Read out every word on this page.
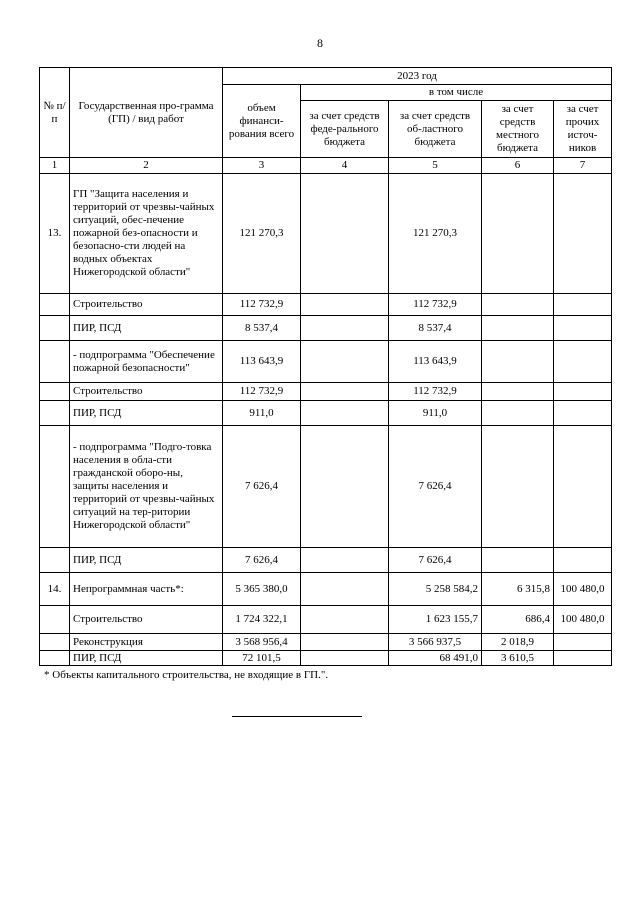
8
№ п/п	Государственная про-грамма (ГП) / вид работ	2023 год				
		объем финанси-рования всего	в том числе			
			за счет средств феде-рального бюджета	за счет средств об-ластного бюджета	за счет средств местного бюджета	за счет прочих источ-ников
1	2	3	4	5	6	7
13.	ГП "Защита населения и территорий от чрезвы-чайных ситуаций, обес-печение пожарной без-опасности и безопасно-сти людей на водных объектах Нижегородской области"	121 270,3		121 270,3		
	Строительство	112 732,9		112 732,9		
	ПИР, ПСД	8 537,4		8 537,4		
	- подпрограмма "Обеспечение пожарной безопасности"	113 643,9		113 643,9		
	Строительство	112 732,9		112 732,9		
	ПИР, ПСД	911,0		911,0		
	- подпрограмма "Подго-товка населения в обла-сти гражданской оборо-ны, защиты населения и территорий от чрезвы-чайных ситуаций на тер-ритории Нижегородской области"	7 626,4		7 626,4		
	ПИР, ПСД	7 626,4		7 626,4		
14.	Непрограммная часть*:	5 365 380,0		5 258 584,2	6 315,8	100 480,0
	Строительство	1 724 322,1		1 623 155,7	686,4	100 480,0
	Реконструкция	3 568 956,4		3 566 937,5	2 018,9	
	ПИР, ПСД	72 101,5		68 491,0	3 610,5	
* Объекты капитального строительства, не входящие в ГП.".
